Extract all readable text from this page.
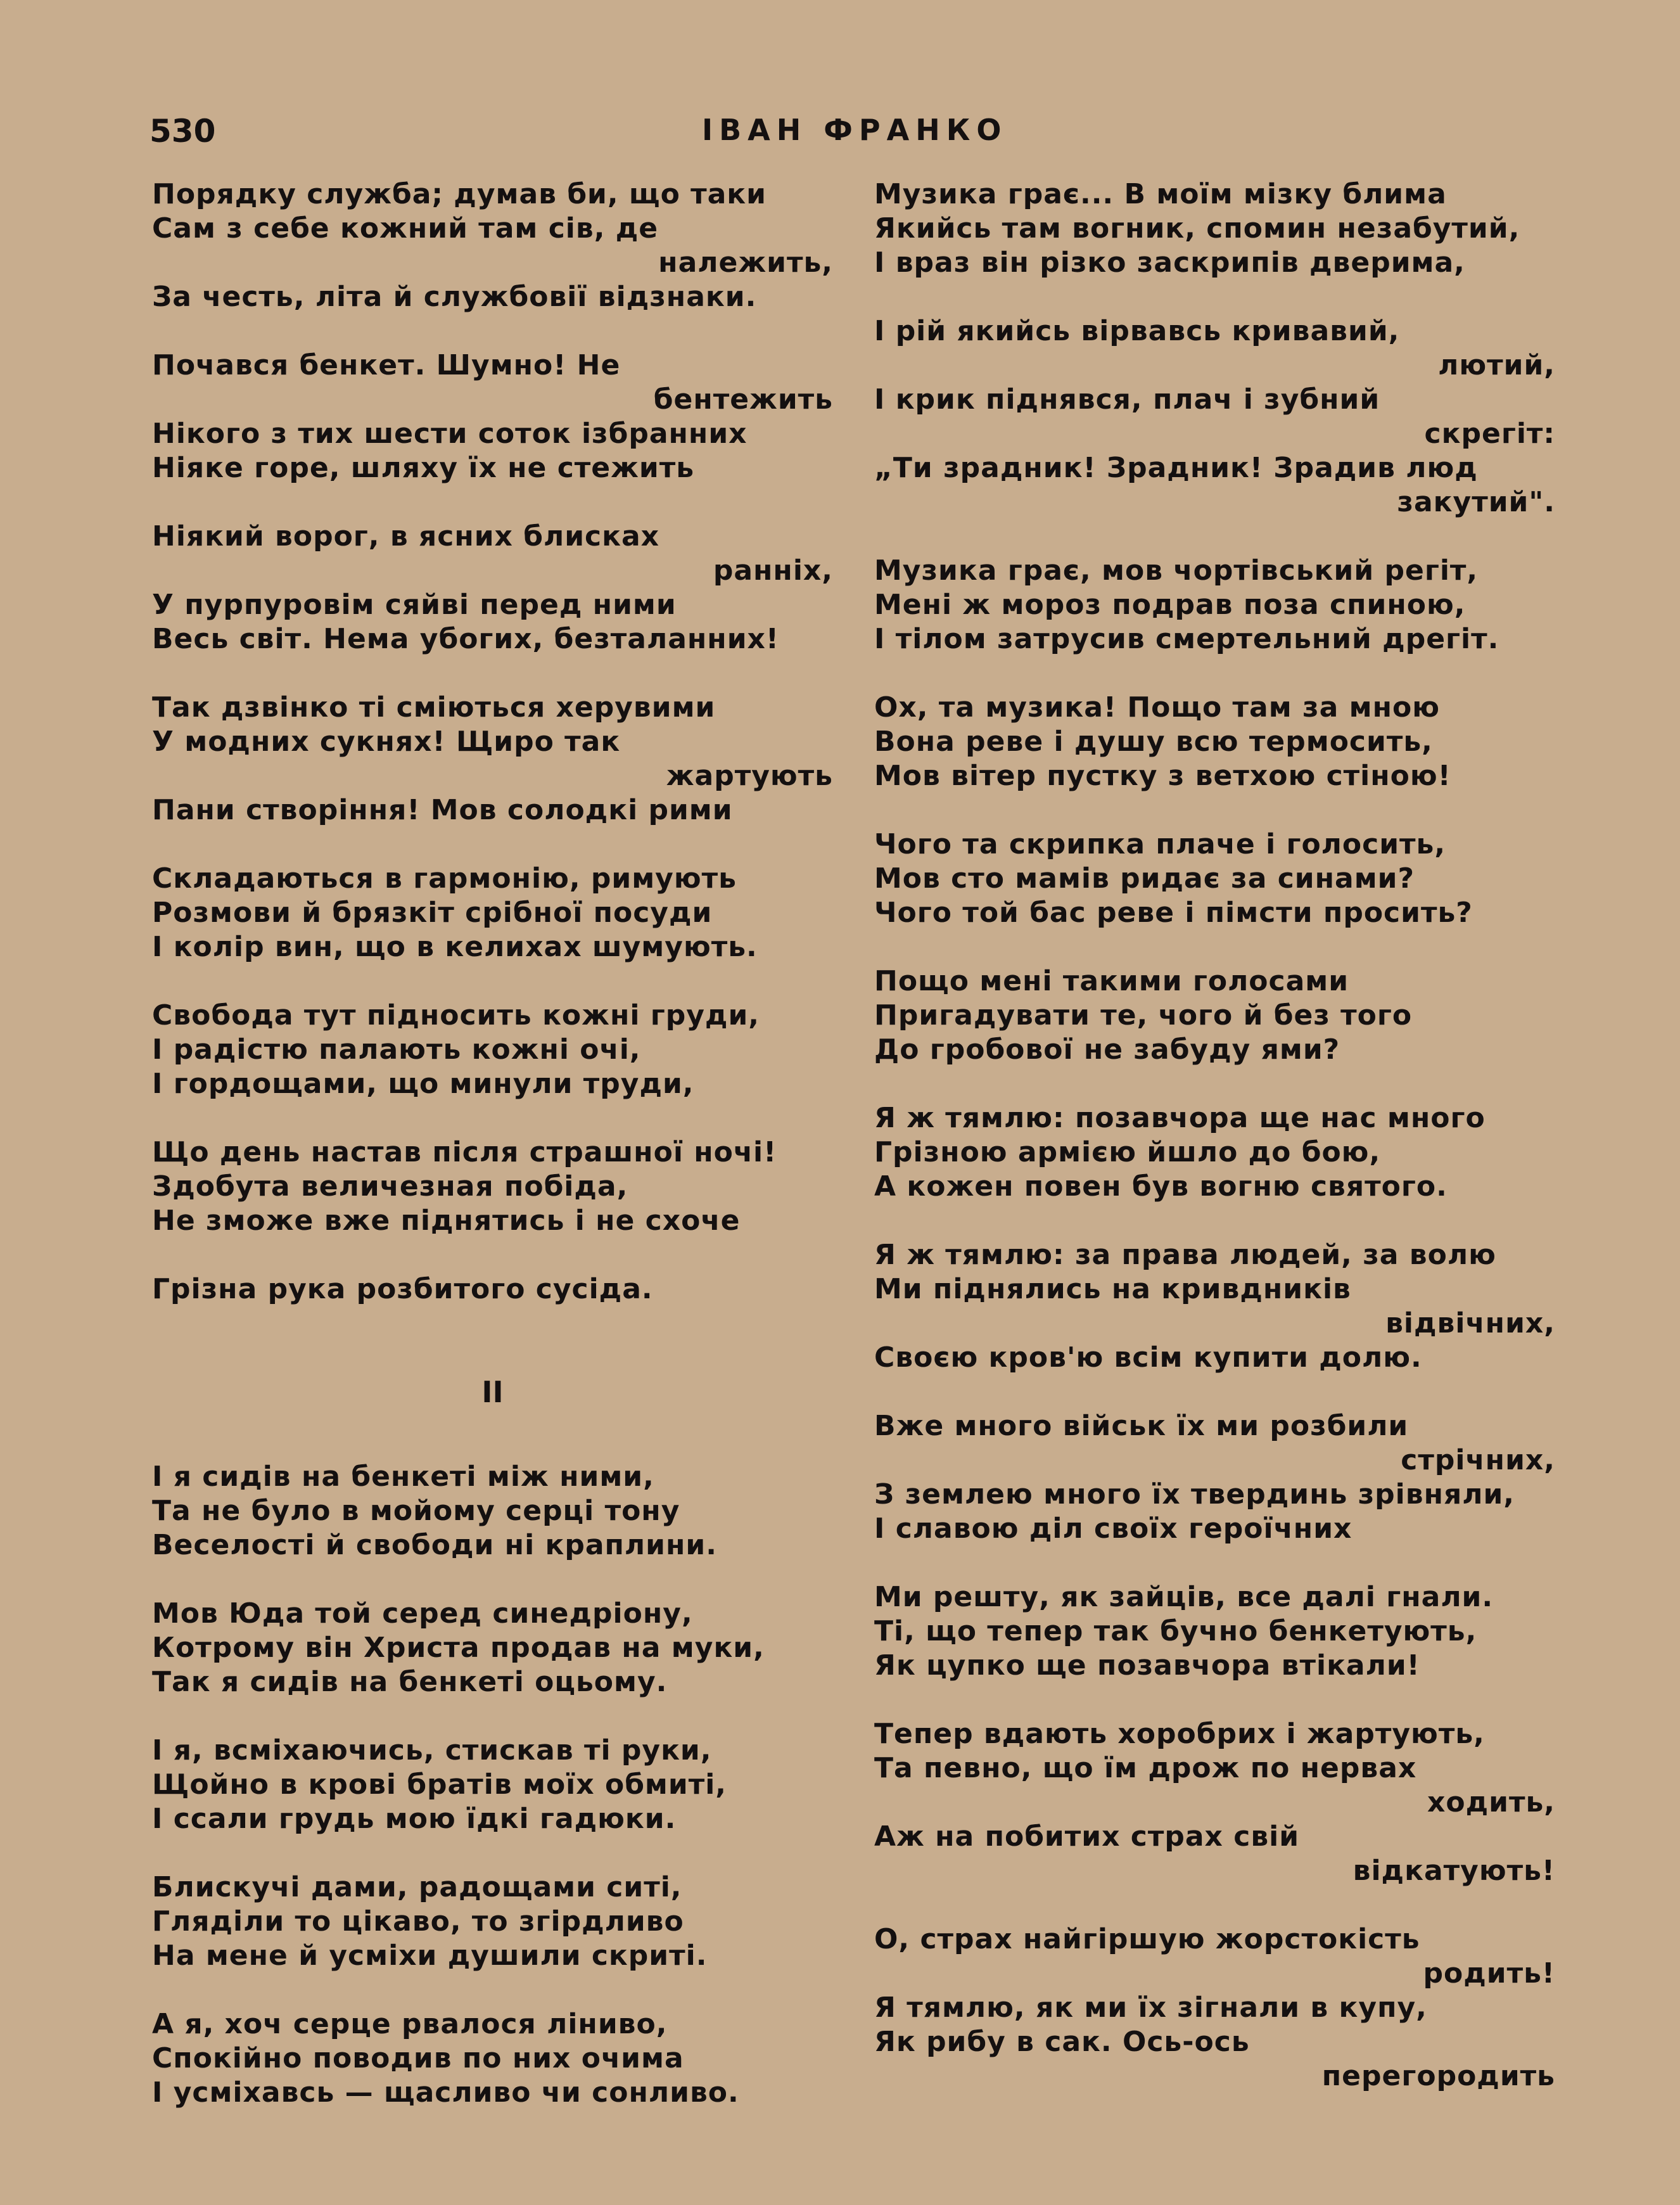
530	ІВАН ФРАНКО
Порядку служба; думав би, що таки
Сам з себе кожний там сів, де
належить,
За честь, літа й службовії відзнаки.
Почався бенкет. Шумно! Не
бентежить
Нікого з тих шести соток ізбранних
Ніяке горе, шляху їх не стежить
Ніякий ворог, в ясних блисках
ранніх,
У пурпуровім сяйві перед ними
Весь світ. Нема убогих, безталанних!
Так дзвінко ті сміються херувими
У модних сукнях! Щиро так
жартують
Пани створіння! Мов солодкі рими
Складаються в гармонію, римують
Розмови й брязкіт срібної посуди
І колір вин, що в келихах шумують.
Свобода тут підносить кожні груди,
І радістю палають кожні очі,
І гордощами, що минули труди,
Що день настав після страшної ночі!
Здобута величезная побіда,
Не зможе вже піднятись і не схоче
Грізна рука розбитого сусіда.
II
І я сидів на бенкеті між ними,
Та не було в мойому серці тону
Веселості й свободи ні краплини.
Мов Юда той серед синедріону,
Котрому він Христа продав на муки,
Так я сидів на бенкеті оцьому.
І я, всміхаючись, стискав ті руки,
Щойно в крові братів моїх обмиті,
І ссали грудь мою їдкі гадюки.
Блискучі дами, радощами ситі,
Гляділи то цікаво, то згірдливо
На мене й усміхи душили скриті.
А я, хоч серце рвалося ліниво,
Спокійно поводив по них очима
І усміхавсь — щасливо чи сонливо.
Музика грає... В моїм мізку блима
Якийсь там вогник, спомин незабутий,
І враз він різко заскрипів дверима,
І рій якийсь вірвавсь кривавий,
лютий,
І крик піднявся, плач і зубний
скрегіт:
„Ти зрадник! Зрадник! Зрадив люд
закутий".
Музика грає, мов чортівський регіт,
Мені ж мороз подрав поза спиною,
І тілом затрусив смертельний дрегіт.
Ох, та музика! Пощо там за мною
Вона реве і душу всю термосить,
Мов вітер пустку з ветхою стіною!
Чого та скрипка плаче і голосить,
Мов сто мамів ридає за синами?
Чого той бас реве і пімсти просить?
Пощо мені такими голосами
Пригадувати те, чого й без того
До гробової не забуду ями?
Я ж тямлю: позавчора ще нас много
Грізною армією йшло до бою,
А кожен повен був вогню святого.
Я ж тямлю: за права людей, за волю
Ми піднялись на кривдників
відвічних,
Своєю кров'ю всім купити долю.
Вже много військ їх ми розбили
стрічних,
З землею много їх твердинь зрівняли,
І славою діл своїх героїчних
Ми решту, як зайців, все далі гнали.
Ті, що тепер так бучно бенкетують,
Як цупко ще позавчора втікали!
Тепер вдають хоробрих і жартують,
Та певно, що їм дрож по нервах
ходить,
Аж на побитих страх свій
відкатують!
О, страх найгіршую жорстокість
родить!
Я тямлю, як ми їх зігнали в купу,
Як рибу в сак. Ось-ось
перегородить
